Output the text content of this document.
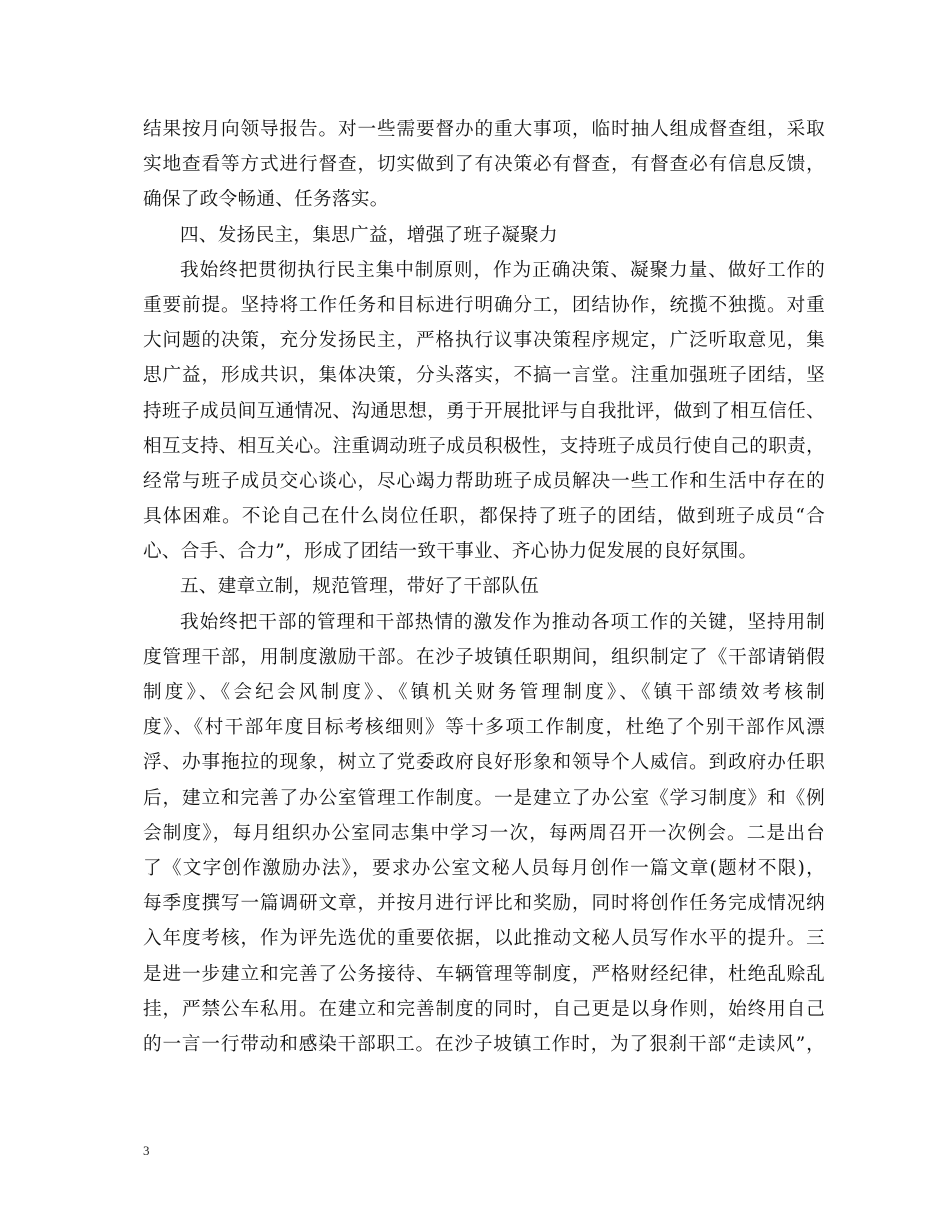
结果按月向领导报告。对一些需要督办的重大事项，临时抽人组成督查组，采取
实地查看等方式进行督查，切实做到了有决策必有督查，有督查必有信息反馈，
确保了政令畅通、任务落实。
四、发扬民主，集思广益，增强了班子凝聚力
我始终把贯彻执行民主集中制原则，作为正确决策、凝聚力量、做好工作的
重要前提。坚持将工作任务和目标进行明确分工，团结协作，统揽不独揽。对重
大问题的决策，充分发扬民主，严格执行议事决策程序规定，广泛听取意见，集
思广益，形成共识，集体决策，分头落实，不搞一言堂。注重加强班子团结，坚
持班子成员间互通情况、沟通思想，勇于开展批评与自我批评，做到了相互信任、
相互支持、相互关心。注重调动班子成员积极性，支持班子成员行使自己的职责，
经常与班子成员交心谈心，尽心竭力帮助班子成员解决一些工作和生活中存在的
具体困难。不论自己在什么岗位任职，都保持了班子的团结，做到班子成员“合
心、合手、合力”，形成了团结一致干事业、齐心协力促发展的良好氛围。
五、建章立制，规范管理，带好了干部队伍
我始终把干部的管理和干部热情的激发作为推动各项工作的关键，坚持用制
度管理干部，用制度激励干部。在沙子坡镇任职期间，组织制定了《干部请销假
制度》、《会纪会风制度》、《镇机关财务管理制度》、《镇干部绩效考核制
度》、《村干部年度目标考核细则》等十多项工作制度，杜绝了个别干部作风漂
浮、办事拖拉的现象，树立了党委政府良好形象和领导个人威信。到政府办任职
后，建立和完善了办公室管理工作制度。一是建立了办公室《学习制度》和《例
会制度》，每月组织办公室同志集中学习一次，每两周召开一次例会。二是出台
了《文字创作激励办法》，要求办公室文秘人员每月创作一篇文章(题材不限)，
每季度撰写一篇调研文章，并按月进行评比和奖励，同时将创作任务完成情况纳
入年度考核，作为评先选优的重要依据，以此推动文秘人员写作水平的提升。三
是进一步建立和完善了公务接待、车辆管理等制度，严格财经纪律，杜绝乱赊乱
挂，严禁公车私用。在建立和完善制度的同时，自己更是以身作则，始终用自己
的一言一行带动和感染干部职工。在沙子坡镇工作时，为了狠刹干部“走读风”，
3
